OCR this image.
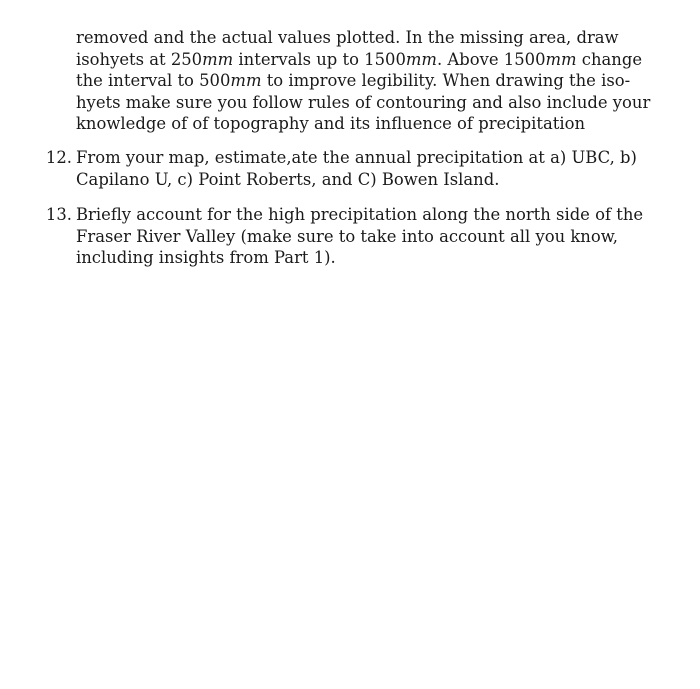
removed and the actual values plotted. In the missing area, draw
isohyets at 250mm intervals up to 1500mm. Above 1500mm change
the interval to 500mm to improve legibility. When drawing the iso-
hyets make sure you follow rules of contouring and also include your
knowledge of of topography and its influence of precipitation
12. From your map, estimate,ate the annual precipitation at a) UBC, b)
Capilano U, c) Point Roberts, and C) Bowen Island.
13. Briefly account for the high precipitation along the north side of the
Fraser River Valley (make sure to take into account all you know,
including insights from Part 1).
